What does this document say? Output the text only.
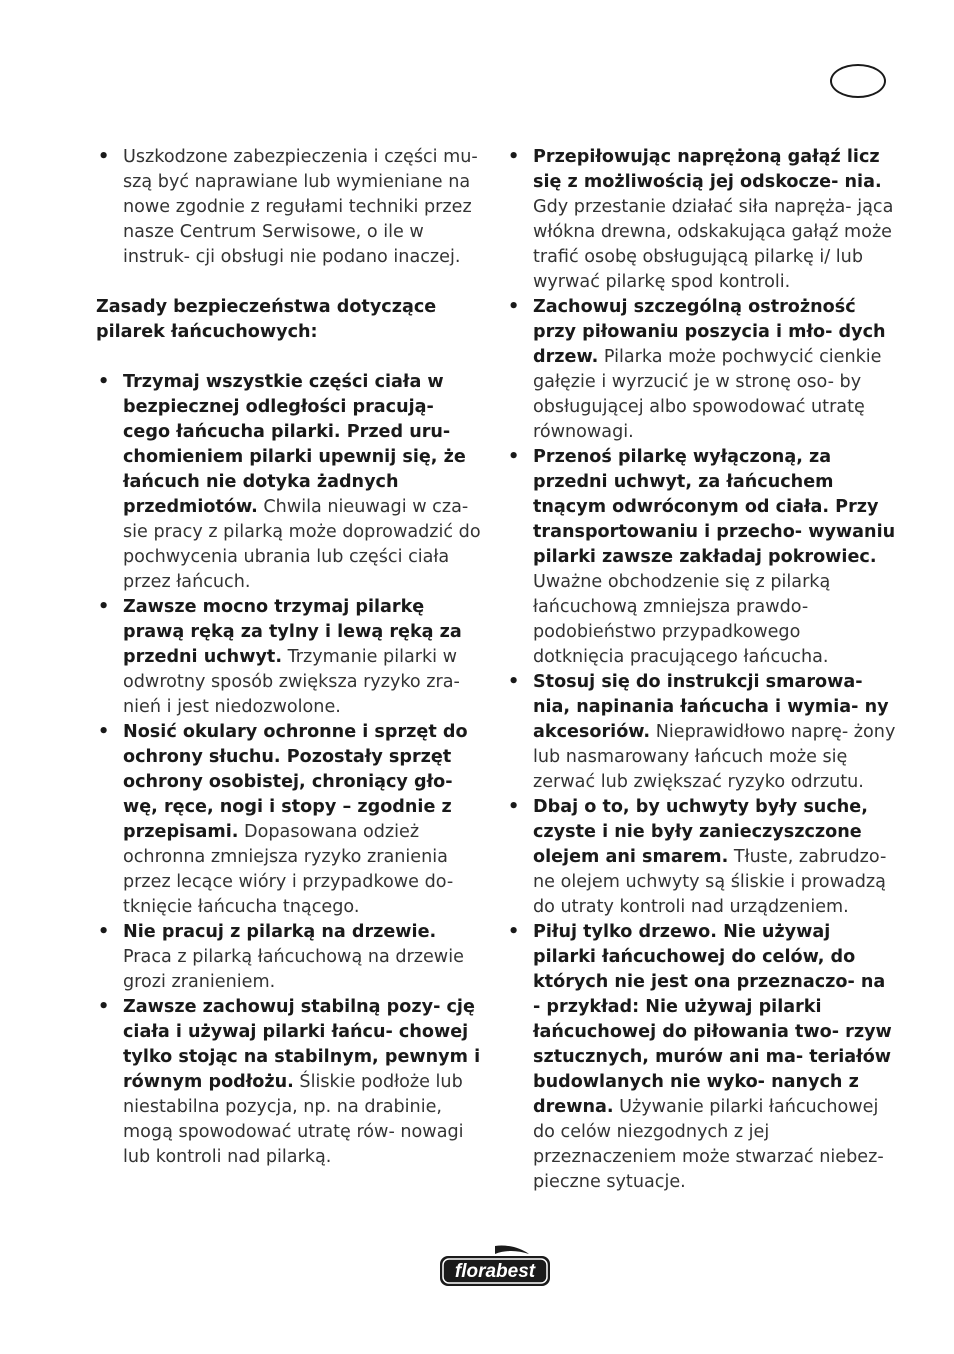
• Uszkodzone zabezpieczenia i części mu- szą być naprawiane lub wymieniane na nowe zgodnie z regułami techniki przez nasze Centrum Serwisowe, o ile w instruk- cji obsługi nie podano inaczej.
Zasady bezpieczeństwa dotyczące pilarek łańcuchowych:
• Trzymaj wszystkie części ciała w bezpiecznej odległości pracują- cego łańcucha pilarki. Przed uru- chomieniem pilarki upewnij się, że łańcuch nie dotyka żadnych przedmiotów. Chwila nieuwagi w cza- sie pracy z pilarką może doprowadzić do pochwycenia ubrania lub części ciała przez łańcuch.
• Zawsze mocno trzymaj pilarkę prawą ręką za tylny i lewą ręką za przedni uchwyt. Trzymanie pilarki w odwrotny sposób zwiększa ryzyko zra- nień i jest niedozwolone.
• Nosić okulary ochronne i sprzęt do ochrony słuchu. Pozostały sprzęt ochrony osobistej, chroniący gło- wę, ręce, nogi i stopy – zgodnie z przepisami. Dopasowana odzież ochronna zmniejsza ryzyko zranienia przez lecące wióry i przypadkowe do- tknięcie łańcucha tnącego.
• Nie pracuj z pilarką na drzewie. Praca z pilarką łańcuchową na drzewie grozi zranieniem.
• Zawsze zachowuj stabilną pozy- cję ciała i używaj pilarki łańcu- chowej tylko stojąc na stabilnym, pewnym i równym podłożu. Śliskie podłoże lub niestabilna pozycja, np. na drabinie, mogą spowodować utratę rów- nowagi lub kontroli nad pilarką.
• Przepiłowując naprężoną gałąź licz się z możliwością jej odskocze- nia. Gdy przestanie działać siła napręża- jąca włókna drewna, odskakująca gałąź może trafić osobę obsługującą pilarkę i/ lub wyrwać pilarkę spod kontroli.
• Zachowuj szczególną ostrożność przy piłowaniu poszycia i mło- dych drzew. Pilarka może pochwycić cienkie gałęzie i wyrzucić je w stronę oso- by obsługującej albo spowodować utratę równowagi.
• Przenoś pilarkę wyłączoną, za przedni uchwyt, za łańcuchem tnącym odwróconym od ciała. Przy transportowaniu i przecho- wywaniu pilarki zawsze zakładaj pokrowiec. Uważne obchodzenie się z pilarką łańcuchową zmniejsza prawdo- podobieństwo przypadkowego dotknięcia pracującego łańcucha.
• Stosuj się do instrukcji smarowa- nia, napinania łańcucha i wymia- ny akcesoriów. Nieprawidłowo naprę- żony lub nasmarowany łańcuch może się zerwać lub zwiększać ryzyko odrzutu.
• Dbaj o to, by uchwyty były suche, czyste i nie były zanieczyszczone olejem ani smarem. Tłuste, zabrudzo- ne olejem uchwyty są śliskie i prowadzą do utraty kontroli nad urządzeniem.
• Piłuj tylko drzewo. Nie używaj pilarki łańcuchowej do celów, do których nie jest ona przeznaczo- na - przykład: Nie używaj pilarki łańcuchowej do piłowania two- rzyw sztucznych, murów ani ma- teriałów budowlanych nie wyko- nanych z drewna. Używanie pilarki łańcuchowej do celów niezgodnych z jej przeznaczeniem może stwarzać niebez- pieczne sytuacje.
florabest
